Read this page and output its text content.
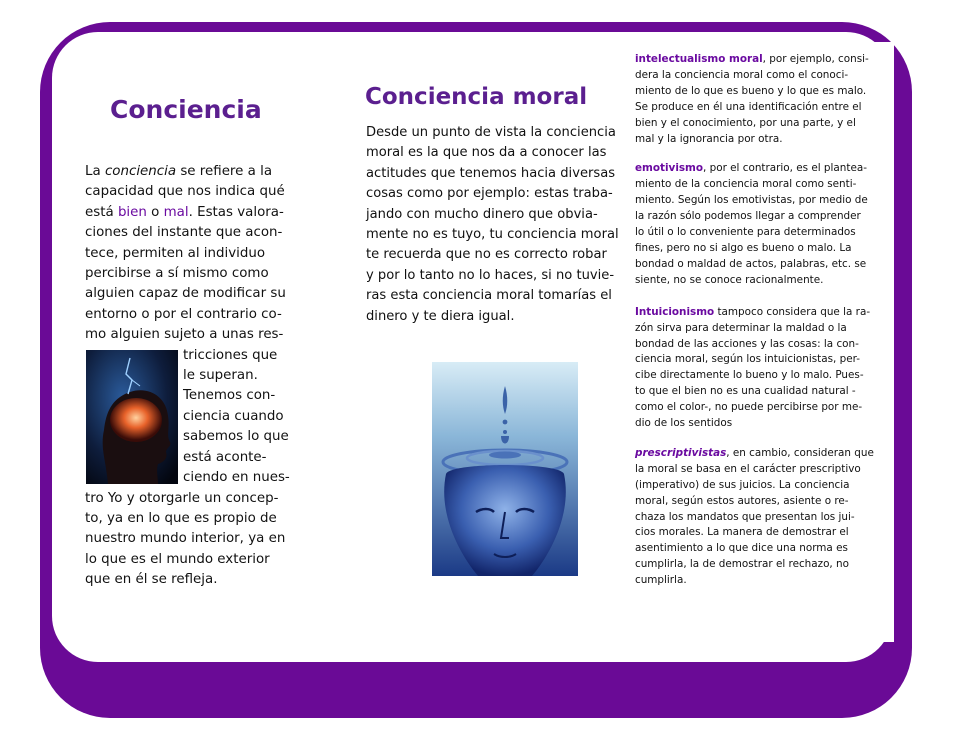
Conciencia
La conciencia se refiere a la
capacidad que nos indica qué
está bien o mal. Estas valora-
ciones del instante que acon-
tece, permiten al individuo
percibirse a sí mismo como
alguien capaz de modificar su
entorno o por el contrario co-
mo alguien sujeto a unas res-
tricciones que
le superan.
Tenemos con-
ciencia cuando
sabemos lo que
está aconte-
ciendo en nues-
tro Yo y otorgarle un concep-
to, ya en lo que es propio de
nuestro mundo interior, ya en
lo que es el mundo exterior
que en él se refleja.
Conciencia moral
Desde un punto de vista la conciencia
moral es la que nos da a conocer las
actitudes que tenemos hacia diversas
cosas como por ejemplo: estas traba-
jando con mucho dinero que obvia-
mente no es tuyo, tu conciencia moral
te recuerda que no es correcto robar
y por lo tanto no lo haces, si no tuvie-
ras esta conciencia moral tomarías el
dinero y te diera igual.
intelectualismo moral, por ejemplo, consi-
dera la conciencia moral como el conoci-
miento de lo que es bueno y lo que es malo.
Se produce en él una identificación entre el
bien y el conocimiento, por una parte, y el
mal y la ignorancia por otra.
emotivismo, por el contrario, es el plantea-
miento de la conciencia moral como senti-
miento. Según los emotivistas, por medio de
la razón sólo podemos llegar a comprender
lo útil o lo conveniente para determinados
fines, pero no si algo es bueno o malo. La
bondad o maldad de actos, palabras, etc. se
siente, no se conoce racionalmente.
Intuicionismo tampoco considera que la ra-
zón sirva para determinar la maldad o la
bondad de las acciones y las cosas: la con-
ciencia moral, según los intuicionistas, per-
cibe directamente lo bueno y lo malo. Pues-
to que el bien no es una cualidad natural -
como el color-, no puede percibirse por me-
dio de los sentidos
prescriptivistas, en cambio, consideran que
la moral se basa en el carácter prescriptivo
(imperativo) de sus juicios. La conciencia
moral, según estos autores, asiente o re-
chaza los mandatos que presentan los jui-
cios morales. La manera de demostrar el
asentimiento a lo que dice una norma es
cumplirla, la de demostrar el rechazo, no
cumplirla.
